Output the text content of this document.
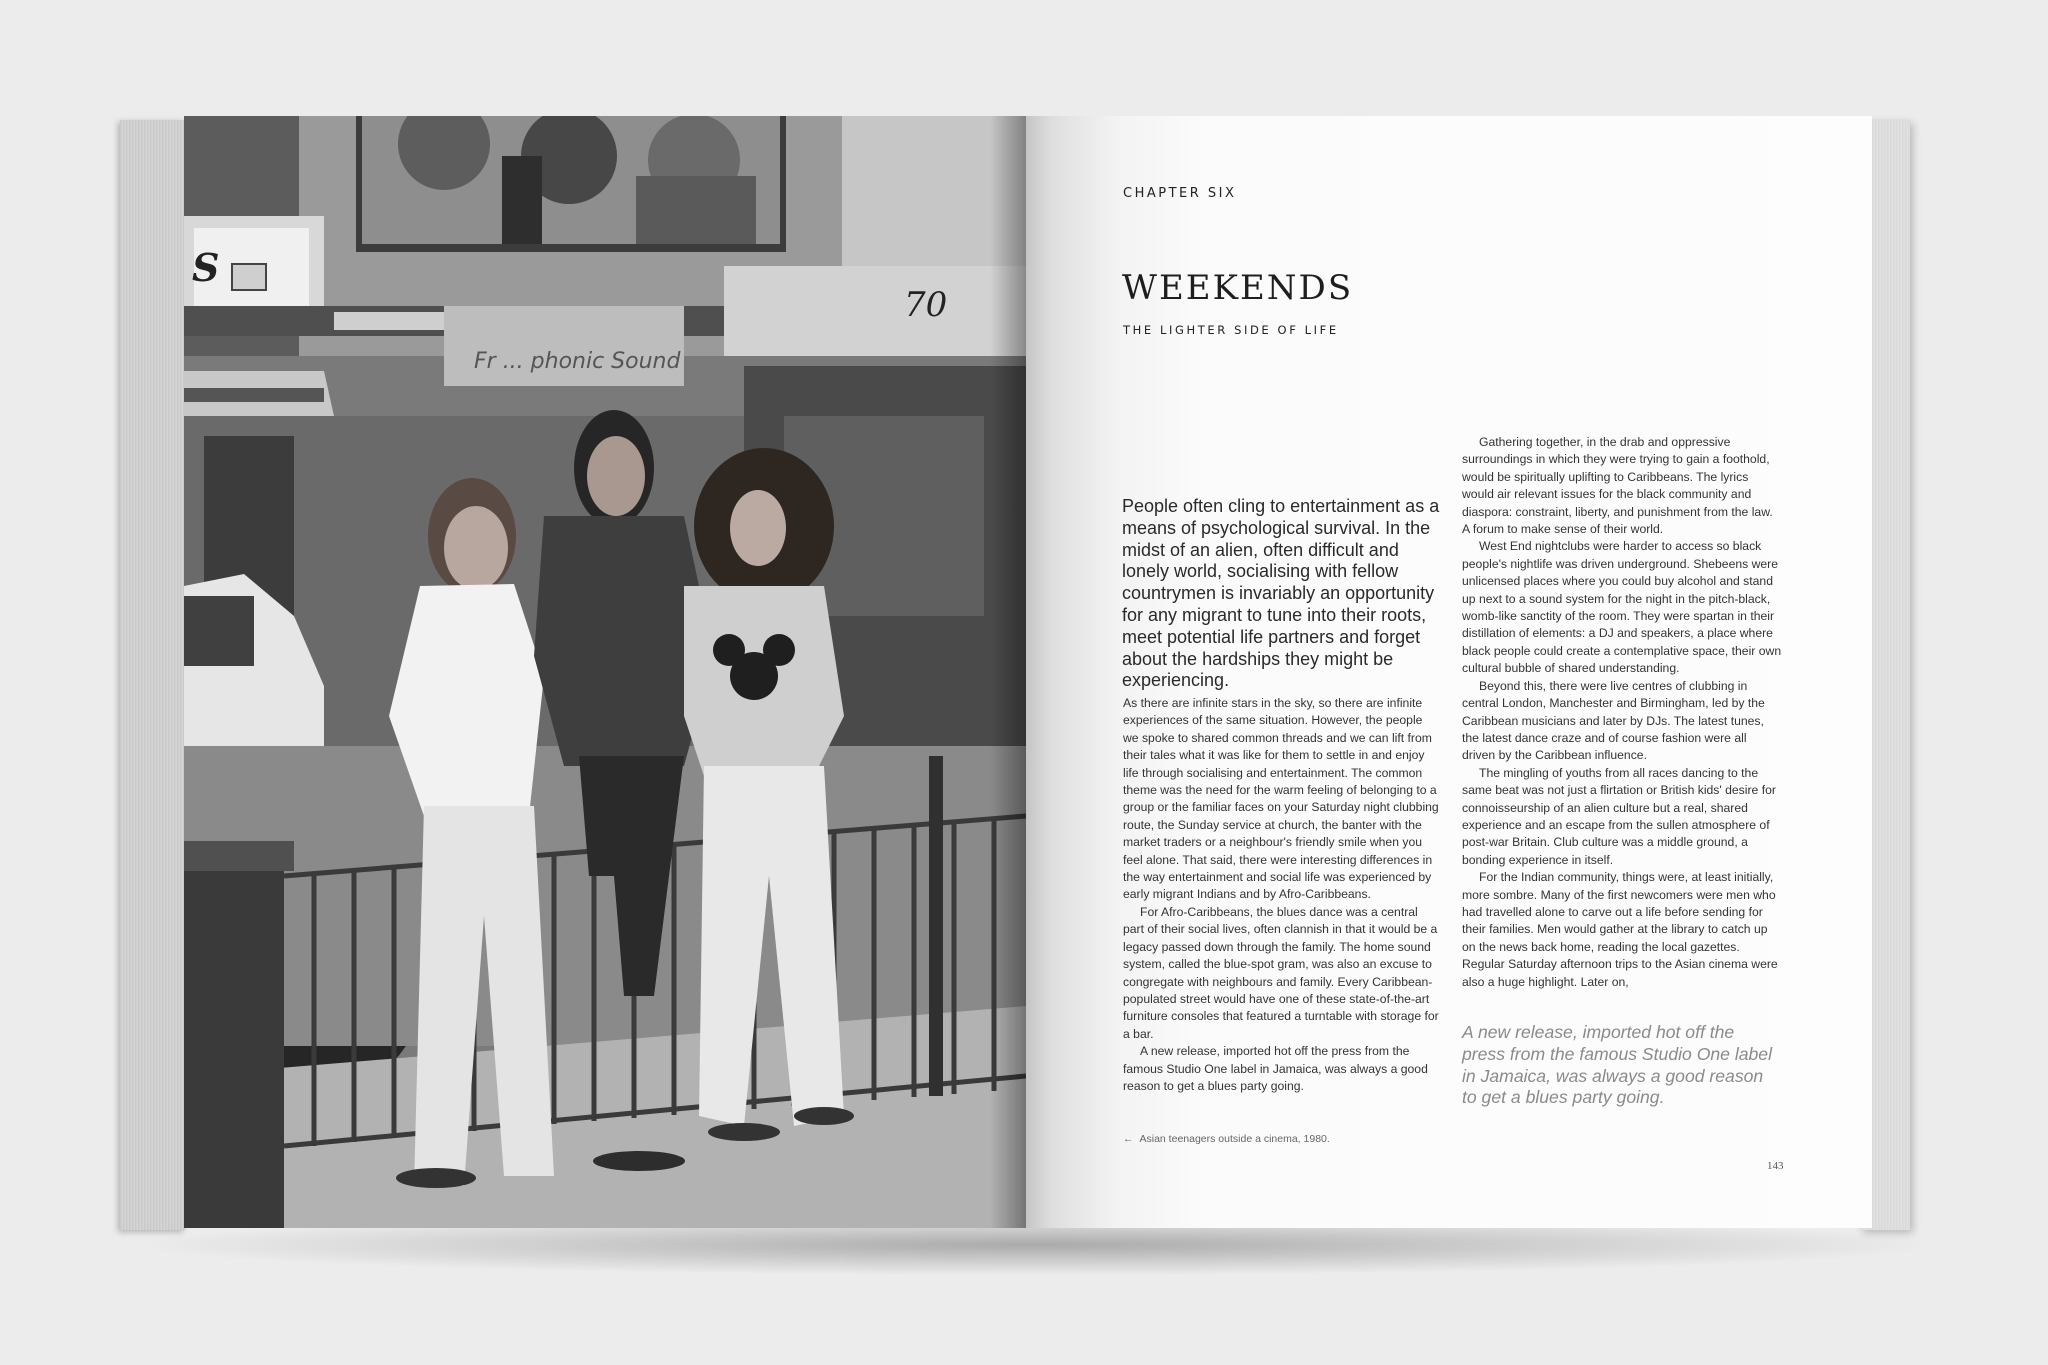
S
Fr ... phonic Sound
70
CHAPTER SIX
WEEKENDS
THE LIGHTER SIDE OF LIFE
People often cling to entertainment as a means of psychological survival. In the midst of an alien, often difficult and lonely world, socialising with fellow countrymen is invariably an opportunity for any migrant to tune into their roots, meet potential life partners and forget about the hardships they might be experiencing.

As there are infinite stars in the sky, so there are infinite experiences of the same situation. However, the people we spoke to shared common threads and we can lift from their tales what it was like for them to settle in and enjoy life through socialising and entertainment. The common theme was the need for the warm feeling of belonging to a group or the familiar faces on your Saturday night clubbing route, the Sunday service at church, the banter with the market traders or a neighbour's friendly smile when you feel alone. That said, there were interesting differences in the way entertainment and social life was experienced by early migrant Indians and by Afro-Caribbeans.

For Afro-Caribbeans, the blues dance was a central part of their social lives, often clannish in that it would be a legacy passed down through the family. The home sound system, called the blue-spot gram, was also an excuse to congregate with neighbours and family. Every Caribbean-populated street would have one of these state-of-the-art furniture consoles that featured a turntable with storage for a bar.

A new release, imported hot off the press from the famous Studio One label in Jamaica, was always a good reason to get a blues party going.

Gathering together, in the drab and oppressive surroundings in which they were trying to gain a foothold, would be spiritually uplifting to Caribbeans. The lyrics would air relevant issues for the black community and diaspora: constraint, liberty, and punishment from the law. A forum to make sense of their world.

West End nightclubs were harder to access so black people's nightlife was driven underground. Shebeens were unlicensed places where you could buy alcohol and stand up next to a sound system for the night in the pitch-black, womb-like sanctity of the room. They were spartan in their distillation of elements: a DJ and speakers, a place where black people could create a contemplative space, their own cultural bubble of shared understanding.

Beyond this, there were live centres of clubbing in central London, Manchester and Birmingham, led by the Caribbean musicians and later by DJs. The latest tunes, the latest dance craze and of course fashion were all driven by the Caribbean influence.

The mingling of youths from all races dancing to the same beat was not just a flirtation or British kids' desire for connoisseurship of an alien culture but a real, shared experience and an escape from the sullen atmosphere of post-war Britain. Club culture was a middle ground, a bonding experience in itself.

For the Indian community, things were, at least initially, more sombre. Many of the first newcomers were men who had travelled alone to carve out a life before sending for their families. Men would gather at the library to catch up on the news back home, reading the local gazettes. Regular Saturday afternoon trips to the Asian cinema were also a huge highlight. Later on,

A new release, imported hot off the press from the famous Studio One label in Jamaica, was always a good reason to get a blues party going.
← Asian teenagers outside a cinema, 1980.
143
